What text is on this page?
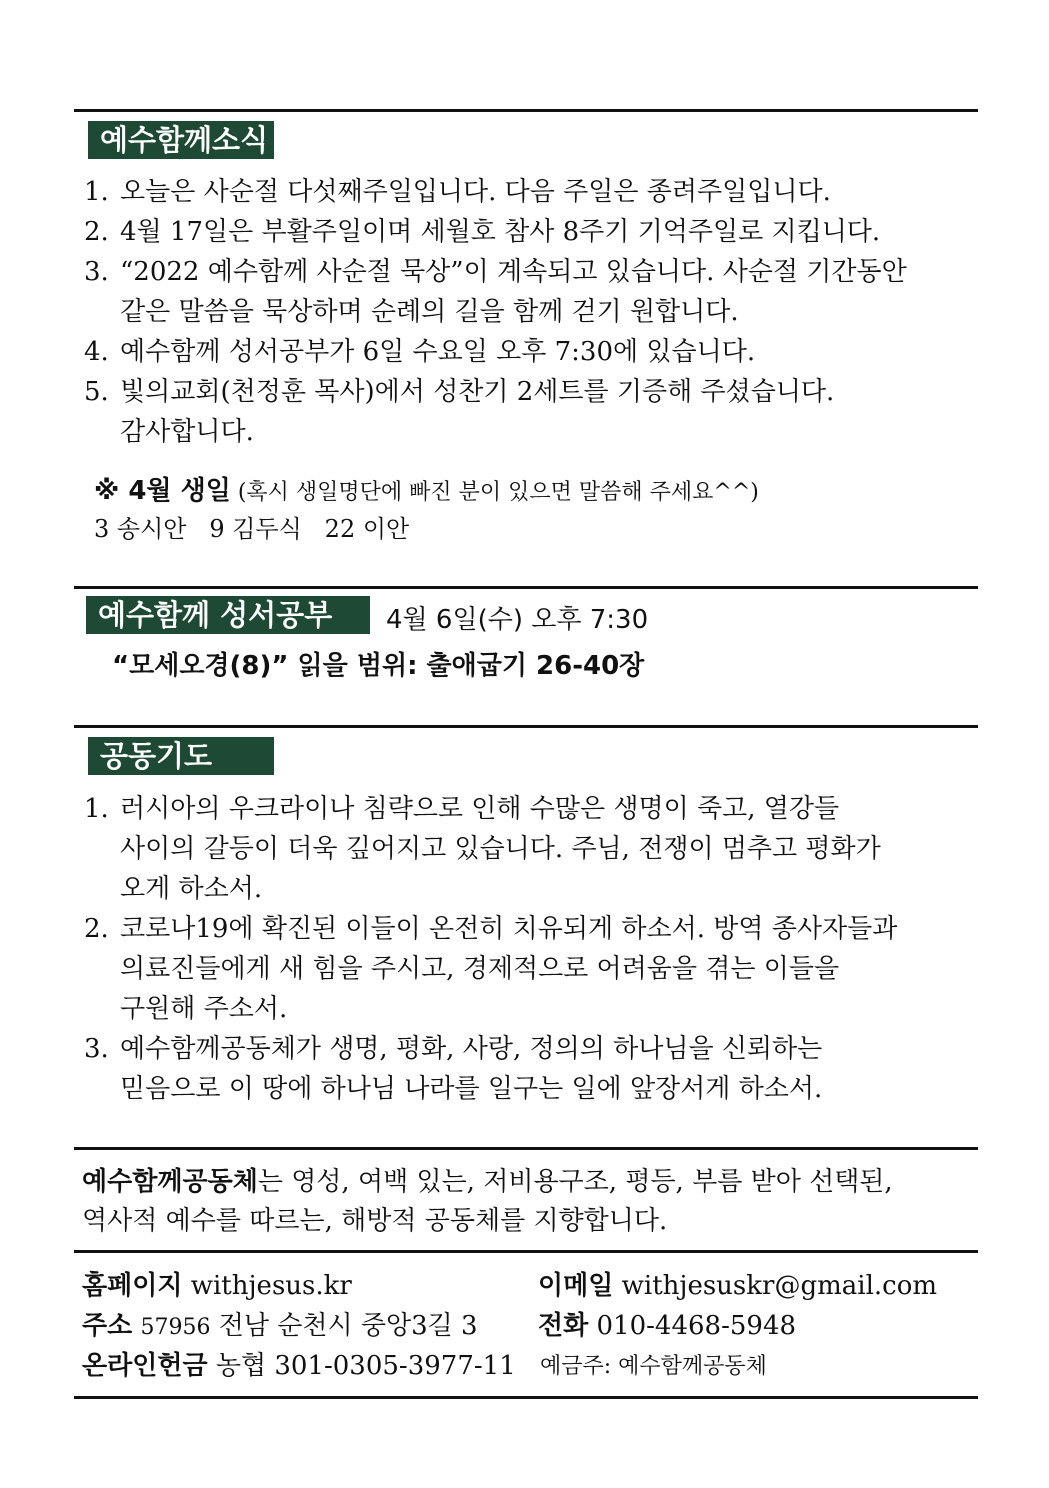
예수함께소식
1. 오늘은 사순절 다섯째주일입니다. 다음 주일은 종려주일입니다.
2. 4월 17일은 부활주일이며 세월호 참사 8주기 기억주일로 지킵니다.
3. “2022 예수함께 사순절 묵상”이 계속되고 있습니다. 사순절 기간동안
같은 말씀을 묵상하며 순례의 길을 함께 걷기 원합니다.
4. 예수함께 성서공부가 6일 수요일 오후 7:30에 있습니다.
5. 빛의교회(천정훈 목사)에서 성찬기 2세트를 기증해 주셨습니다.
감사합니다.
※ 4월 생일 (혹시 생일명단에 빠진 분이 있으면 말씀해 주세요^^)
3 송시안   9 김두식   22 이안
예수함께 성서공부	4월 6일(수) 오후 7:30
“모세오경(8)” 읽을 범위: 출애굽기 26-40장
공동기도
1. 러시아의 우크라이나 침략으로 인해 수많은 생명이 죽고, 열강들
사이의 갈등이 더욱 깊어지고 있습니다. 주님, 전쟁이 멈추고 평화가
오게 하소서.
2. 코로나19에 확진된 이들이 온전히 치유되게 하소서. 방역 종사자들과
의료진들에게 새 힘을 주시고, 경제적으로 어려움을 겪는 이들을
구원해 주소서.
3. 예수함께공동체가 생명, 평화, 사랑, 정의의 하나님을 신뢰하는
믿음으로 이 땅에 하나님 나라를 일구는 일에 앞장서게 하소서.
예수함께공동체는 영성, 여백 있는, 저비용구조, 평등, 부름 받아 선택된,
역사적 예수를 따르는, 해방적 공동체를 지향합니다.
홈페이지 withjesus.kr	이메일 withjesuskr@gmail.com
주소 57956 전남 순천시 중앙3길 3 전화 010-4468-5948
온라인헌금 농협 301-0305-3977-11 예금주: 예수함께공동체
